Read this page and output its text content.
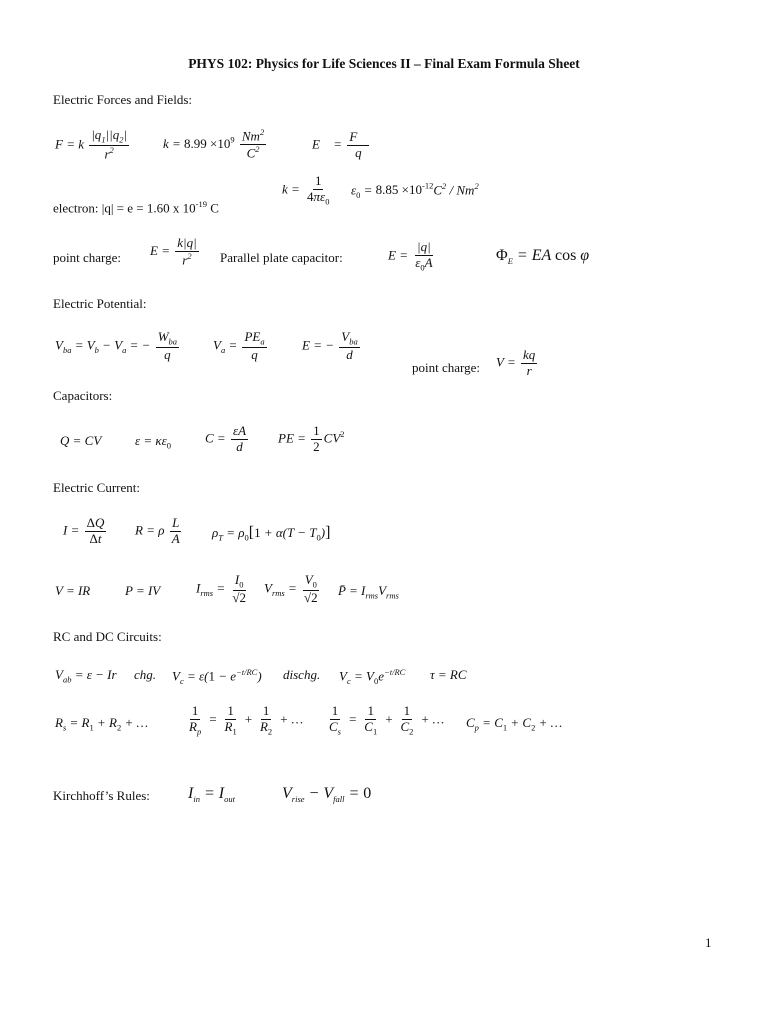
PHYS 102: Physics for Life Sciences II – Final Exam Formula Sheet
Electric Forces and Fields:
F = k $\frac{|q_1||q_2|}{r^2}$	$k = 8.99 \times 10^9 \frac{Nm^2}{C^2}$	E⃗ = $\frac{F⃗}{q}$
$k = \frac{1}{4\pi\varepsilon_0} \varepsilon_0 = 8.85 \times 10^{-12}C^2 / Nm^2$
electron: |q| = e = 1.60 x $10^{-19}$ C
point charge: $E = \frac{k|q|}{r^2}$ Parallel plate capacitor:	$E = \frac{|q|}{\varepsilon_0A}$	$\Phi_E$ = EA cos φ
Electric Potential:
$V_{ba} = V_b - V_a$ = − $\frac{W_{ba}}{q}$	$V_a = \frac{PE_a}{q}$	E = − $\frac{V_{ba}}{d}$
point charge: $V = \frac{kq}{r}$
Capacitors:
Q = CV	$\varepsilon = \kappa\varepsilon_0$
$C = \frac{\varepsilon A}{d}$ PE = $\frac{1}{2} CV^2$
Electric Current:
$I = \frac{\Delta Q}{\Delta t}$ R = ρ $\frac{L}{A} \rho_T = \rho_0[1 + \alpha(T - T_0)]$
V = IR	P = IV	$I_{rms} = \frac{I_0}{√2} V_{rms} = \frac{V_0}{√2}$ P̄ = $I_{rms}V_{rms}$
RC and DC Circuits:
$V_{ab} = \varepsilon - Ir$ chg. $V_c = \varepsilon(1 - e^{-t/RC})$ dischg. $V_c = V_0e^{-t/RC}$ τ = RC
$R_s = R_1 + R_2$ + …	$\frac{1}{R_p} = \frac{1}{R_1} + \frac{1}{R_2}$ + … $\frac{1}{C_s} = \frac{1}{C_1} + \frac{1}{C_2}$ + … $C_p = C_1 + C_2$ + …
Kirchhoff’s Rules: $I_{in} = I_{out}$	$V_{rise} - V_{fall} = 0$
1
